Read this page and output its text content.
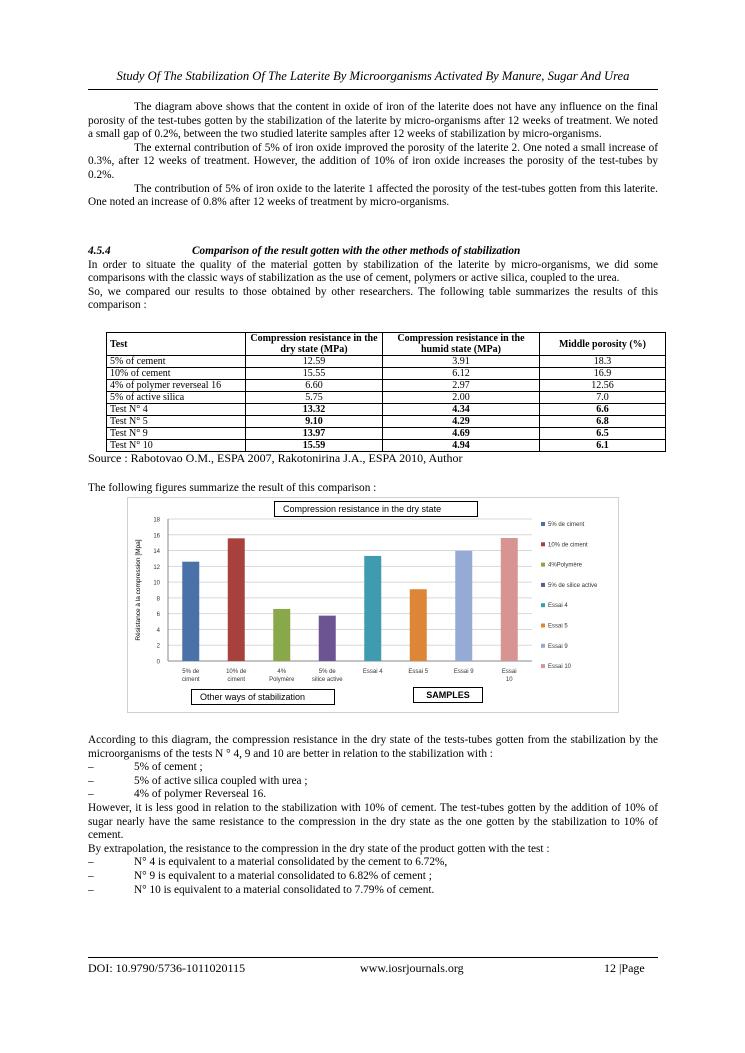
Study Of The Stabilization Of The Laterite By Microorganisms Activated By Manure, Sugar And Urea

The diagram above shows that the content in oxide of iron of the laterite does not have any influence on the final porosity of the test-tubes gotten by the stabilization of the laterite by micro-organisms after 12 weeks of treatment. We noted a small gap of 0.2%, between the two studied laterite samples after 12 weeks of stabilization by micro-organisms.

The external contribution of 5% of iron oxide improved the porosity of the laterite 2. One noted a small increase of 0.3%, after 12 weeks of treatment. However, the addition of 10% of iron oxide increases the porosity of the test-tubes by 0.2%.

The contribution of 5% of iron oxide to the laterite 1 affected the porosity of the test-tubes gotten from this laterite. One noted an increase of 0.8% after 12 weeks of treatment by micro-organisms.

4.5.4	Comparison of the result gotten with the other methods of stabilization

In order to situate the quality of the material gotten by stabilization of the laterite by micro-organisms, we did some comparisons with the classic ways of stabilization as the use of cement, polymers or active silica, coupled to the urea.

So, we compared our results to those obtained by other researchers. The following table summarizes the results of this comparison :

Test	Compression resistance in the dry state (MPa)	Compression resistance in the humid state (MPa)	Middle porosity (%)
5% of cement	12.59	3.91	18.3
10% of cement	15.55	6.12	16.9
4% of polymer reverseal 16	6.60	2.97	12.56
5% of active silica	5.75	2.00	7.0
Test N° 4	13.32	4.34	6.6
Test N° 5	9.10	4.29	6.8
Test N° 9	13.97	4.69	6.5
Test N° 10	15.59	4.94	6.1
Source : Rabotovao O.M., ESPA 2007, Rakotonirina J.A., ESPA 2010, Author
The following figures summarize the result of this comparison :
0
2
4
6
8
10
12
14
16
18
Résistance à la compression [Mpa]
5% de
ciment
10% de
ciment
4%
Polymère
5% de
silice active
Essai 4	Essai 5	Essai 9	Essai
10
5% de ciment
10% de ciment
4%Polymère
5% de silice active
Essai 4
Essai 5
Essai 9
Essai 10
Compression resistance in the dry state
Other ways of stabilization	SAMPLES

According to this diagram, the compression resistance in the dry state of the tests-tubes gotten from the stabilization by the microorganisms of the tests N ° 4, 9 and 10 are better in relation to the stabilization with :

–	5% of cement ;
–	5% of active silica coupled with urea ;
–	4% of polymer Reverseal 16.

However, it is less good in relation to the stabilization with 10% of cement. The test-tubes gotten by the addition of 10% of sugar nearly have the same resistance to the compression in the dry state as the one gotten by the stabilization to 10% of cement.

By extrapolation, the resistance to the compression in the dry state of the product gotten with the test :

–	N° 4 is equivalent to a material consolidated by the cement to 6.72%,
–	N° 9 is equivalent to a material consolidated to 6.82% of cement ;
–	N° 10 is equivalent to a material consolidated to 7.79% of cement.
DOI: 10.9790/5736-1011020115	www.iosrjournals.org	12 |Page
